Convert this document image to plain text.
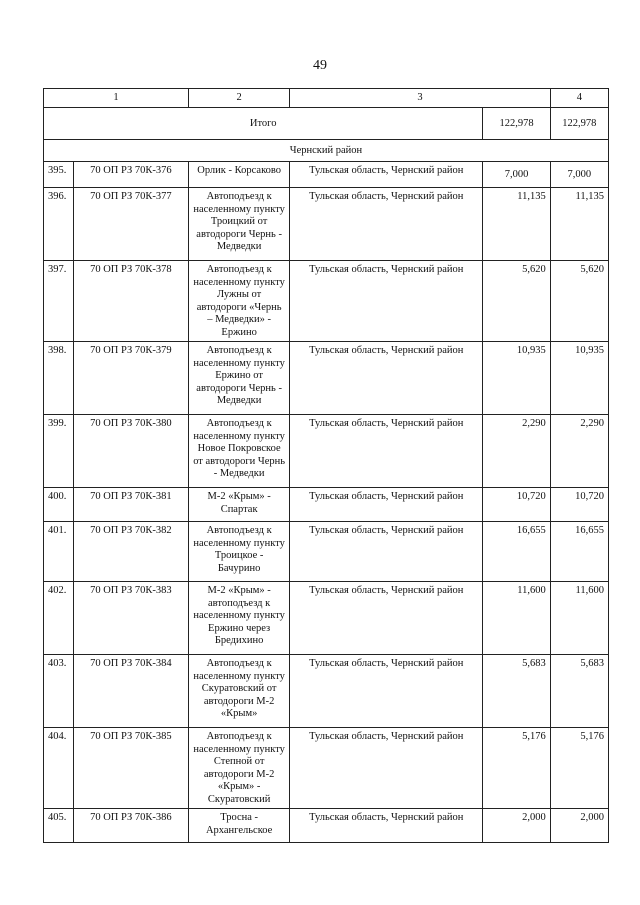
49
1		2	3		4
Итого				122,978	122,978
Чернский район					
395.	70 ОП РЗ 70К-376	Орлик - Корсаково	Тульская область, Чернский район	7,000	7,000
396.	70 ОП РЗ 70К-377	Автоподъезд к населенному пункту Троицкий от автодороги Чернь - Медведки	Тульская область, Чернский район	11,135	11,135
397.	70 ОП РЗ 70К-378	Автоподъезд к населенному пункту Лужны от автодороги «Чернь – Медведки» - Ержино	Тульская область, Чернский район	5,620	5,620
398.	70 ОП РЗ 70К-379	Автоподъезд к населенному пункту Ержино от автодороги Чернь - Медведки	Тульская область, Чернский район	10,935	10,935
399.	70 ОП РЗ 70К-380	Автоподъезд к населенному пункту Новое Покровское от автодороги Чернь - Медведки	Тульская область, Чернский район	2,290	2,290
400.	70 ОП РЗ 70К-381	М-2 «Крым» - Спартак	Тульская область, Чернский район	10,720	10,720
401.	70 ОП РЗ 70К-382	Автоподъезд к населенному пункту Троицкое - Бачурино	Тульская область, Чернский район	16,655	16,655
402.	70 ОП РЗ 70К-383	М-2 «Крым» - автоподъезд к населенному пункту Ержино через Бредихино	Тульская область, Чернский район	11,600	11,600
403.	70 ОП РЗ 70К-384	Автоподъезд к населенному пункту Скуратовский от автодороги М-2 «Крым»	Тульская область, Чернский район	5,683	5,683
404.	70 ОП РЗ 70К-385	Автоподъезд к населенному пункту Степной от автодороги М-2 «Крым» - Скуратовский	Тульская область, Чернский район	5,176	5,176
405.	70 ОП РЗ 70К-386	Тросна - Архангельское	Тульская область, Чернский район	2,000	2,000
